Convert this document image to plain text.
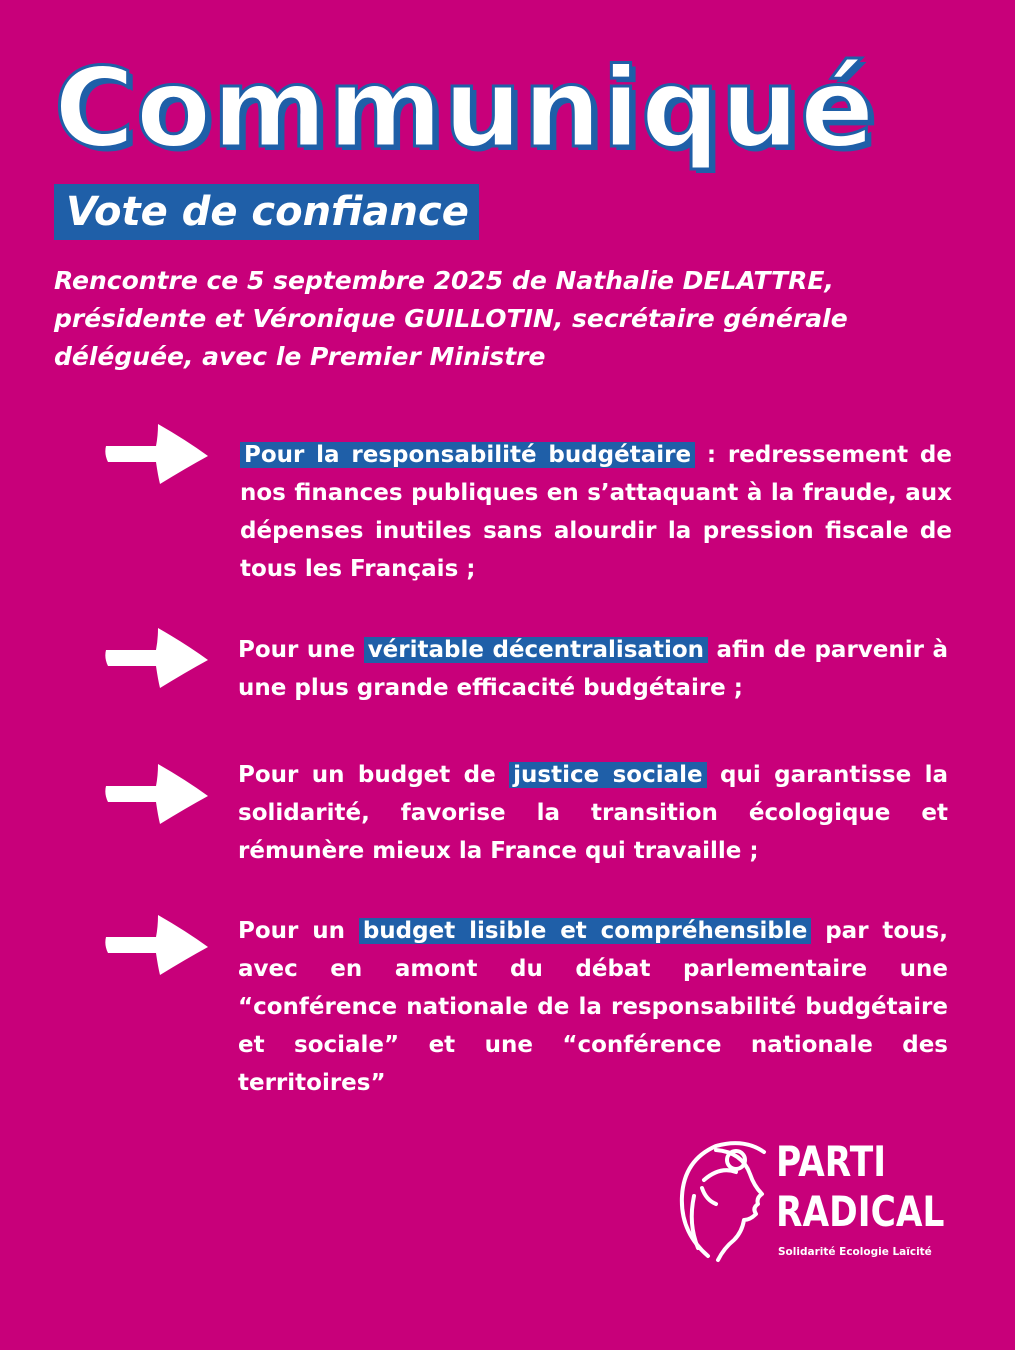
Communiqué
Vote de confiance
Rencontre ce 5 septembre 2025 de Nathalie DELATTRE, présidente et Véronique GUILLOTIN, secrétaire générale déléguée, avec le Premier Ministre
Pour la responsabilité budgétaire : redressement de nos finances publiques en s’attaquant à la fraude, aux dépenses inutiles sans alourdir la pression fiscale de tous les Français ;
Pour une véritable décentralisation afin de parvenir à une plus grande efficacité budgétaire ;
Pour un budget de justice sociale qui garantisse la solidarité, favorise la transition écologique et rémunère mieux la France qui travaille ;
Pour un budget lisible et compréhensible par tous, avec en amont du débat parlementaire une “conférence nationale de la responsabilité budgétaire et sociale” et une “conférence nationale des territoires”
PARTI
RADICAL
Solidarité Ecologie Laïcité
